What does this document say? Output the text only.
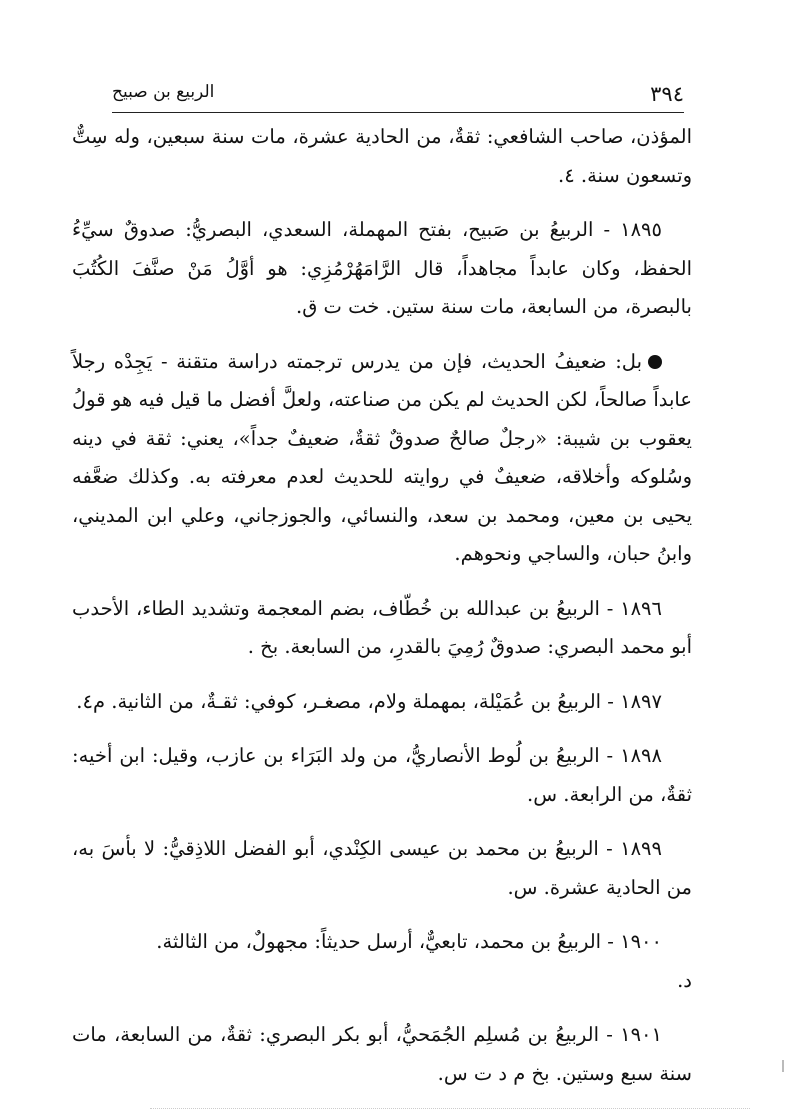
٣٩٤
الربيع بن صبيح

المؤذن، صاحب الشافعي: ثقةٌ، من الحادية عشرة، مات سنة سبعين، وله سِتٌّ وتسعون سنة. ٤.

١٨٩٥ - الربيعُ بن صَبيح، بفتح المهملة، السعدي، البصريُّ: صدوقٌ سيِّءُ الحفظ، وكان عابداً مجاهداً، قال الرَّامَهُرْمُزِي: هو أوَّلُ مَنْ صنَّفَ الكُتُبَ بالبصرة، من السابعة، مات سنة ستين. خت ت ق.

بل: ضعيفُ الحديث، فإن من يدرس ترجمته دراسة متقنة - يَجِدْه رجلاً عابداً صالحاً، لكن الحديث لم يكن من صناعته، ولعلَّ أفضل ما قيل فيه هو قولُ يعقوب بن شيبة: «رجلٌ صالحٌ صدوقٌ ثقةٌ، ضعيفٌ جداً»، يعني: ثقة في دينه وسُلوكه وأخلاقه، ضعيفٌ في روايته للحديث لعدم معرفته به. وكذلك ضعَّفه يحيى بن معين، ومحمد بن سعد، والنسائي، والجوزجاني، وعلي ابن المديني، وابنُ حبان، والساجي ونحوهم.

١٨٩٦ - الربيعُ بن عبدالله بن خُطّاف، بضم المعجمة وتشديد الطاء، الأحدب أبو محمد البصري: صدوقٌ رُمِيَ بالقدرِ، من السابعة. بخ .

١٨٩٧ - الربيعُ بن عُمَيْلة، بمهملة ولام، مصغـر، كوفي: ثقـةٌ، من الثانية. م٤.

١٨٩٨ - الربيعُ بن لُوط الأنصاريُّ، من ولد البَرَاء بن عازب، وقيل: ابن أخيه: ثقةٌ، من الرابعة. س.

١٨٩٩ - الربيعُ بن محمد بن عيسى الكِنْدي، أبو الفضل اللاذِقيُّ: لا بأسَ به، من الحادية عشرة. س.

١٩٠٠ - الربيعُ بن محمد، تابعيٌّ، أرسل حديثاً: مجهولٌ، من الثالثة.

د.

١٩٠١ - الربيعُ بن مُسلِم الجُمَحيُّ، أبو بكر البصري: ثقةٌ، من السابعة، مات سنة سبع وستين. بخ م د ت س.
